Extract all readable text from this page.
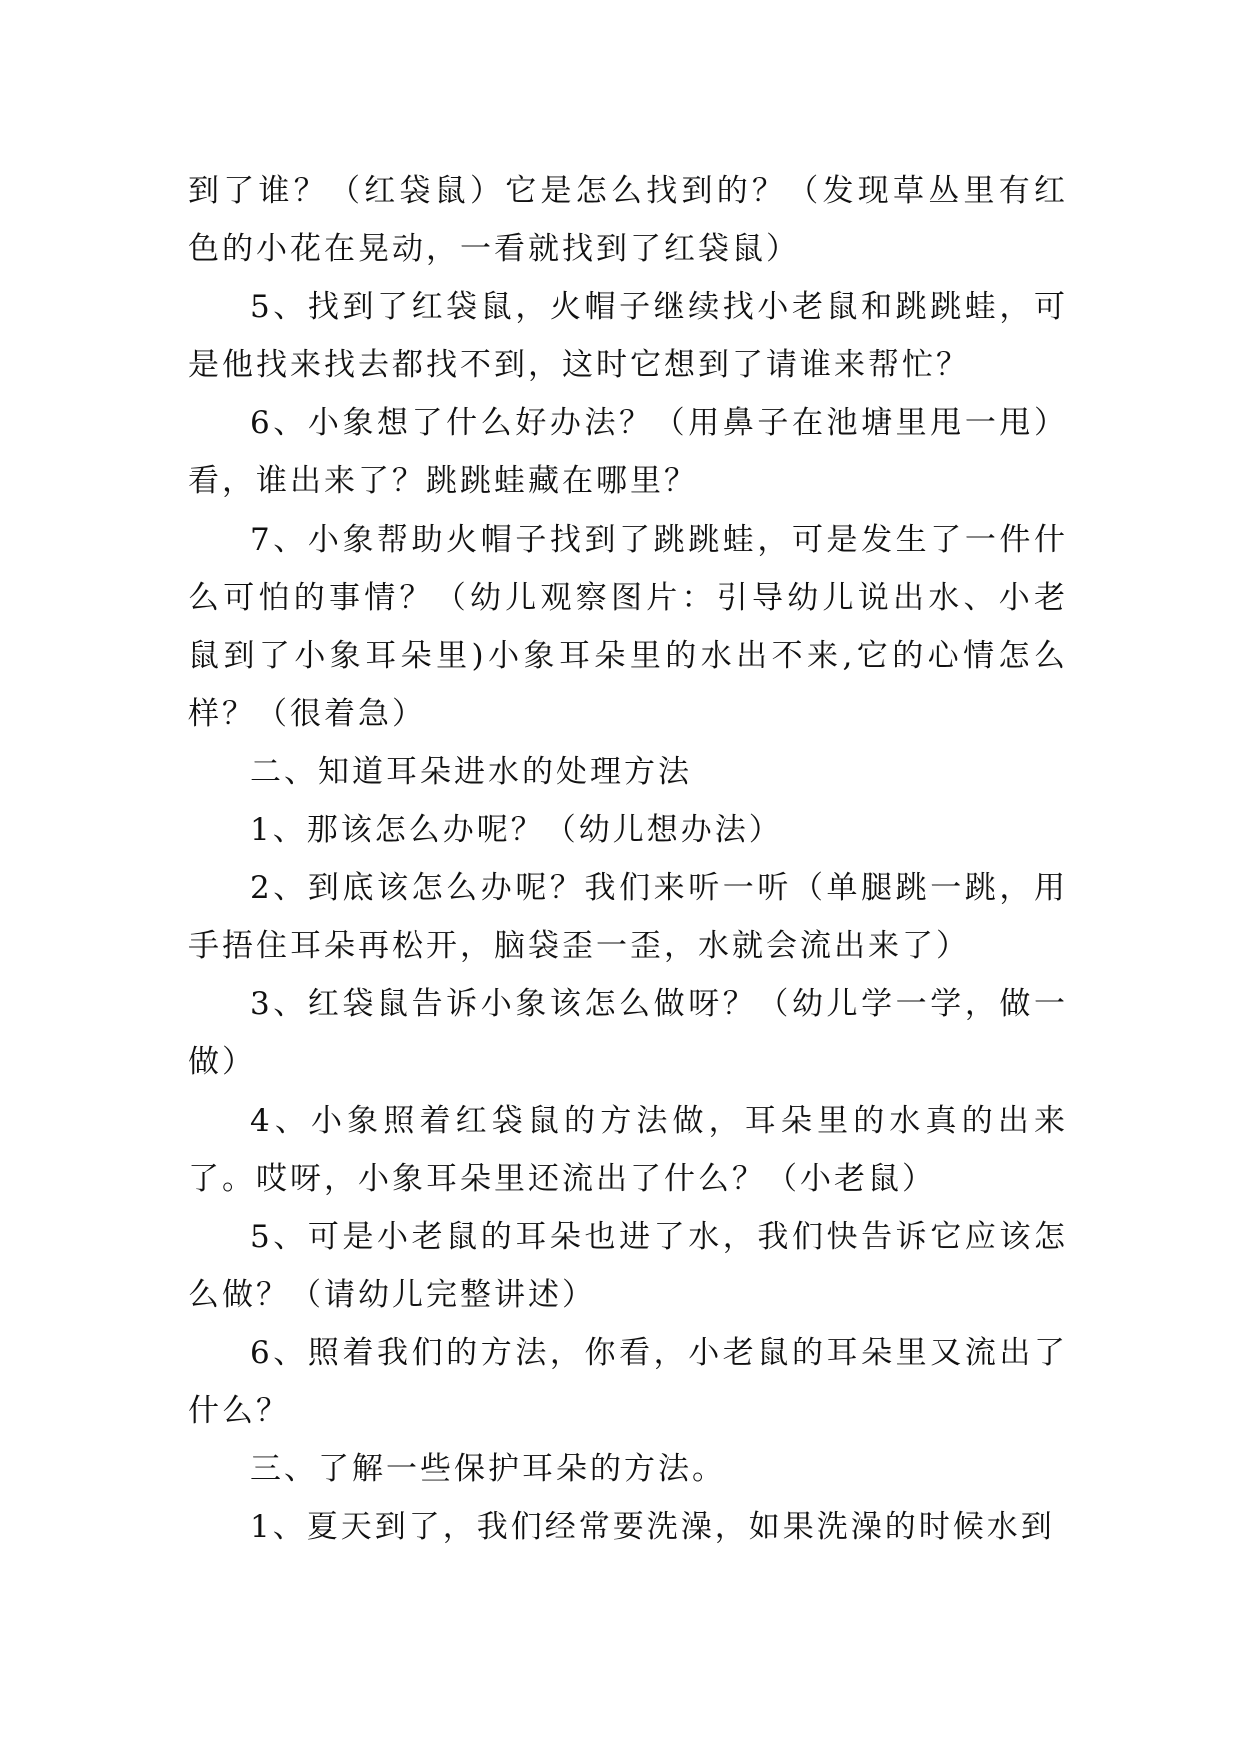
到了谁？（红袋鼠）它是怎么找到的？（发现草丛里有红色的小花在晃动，一看就找到了红袋鼠）

5、找到了红袋鼠，火帽子继续找小老鼠和跳跳蛙，可是他找来找去都找不到，这时它想到了请谁来帮忙？

6、小象想了什么好办法？（用鼻子在池塘里甩一甩）看，谁出来了？跳跳蛙藏在哪里？

7、小象帮助火帽子找到了跳跳蛙，可是发生了一件什么可怕的事情？（幼儿观察图片：引导幼儿说出水、小老鼠到了小象耳朵里)小象耳朵里的水出不来,它的心情怎么样？（很着急）

二、知道耳朵进水的处理方法

1、那该怎么办呢？（幼儿想办法）

2、到底该怎么办呢？我们来听一听（单腿跳一跳，用手捂住耳朵再松开，脑袋歪一歪，水就会流出来了）

3、红袋鼠告诉小象该怎么做呀？（幼儿学一学，做一做）

4、小象照着红袋鼠的方法做，耳朵里的水真的出来了。哎呀，小象耳朵里还流出了什么？（小老鼠）

5、可是小老鼠的耳朵也进了水，我们快告诉它应该怎么做？（请幼儿完整讲述）

6、照着我们的方法，你看，小老鼠的耳朵里又流出了什么？

三、了解一些保护耳朵的方法。

1、夏天到了，我们经常要洗澡，如果洗澡的时候水到
